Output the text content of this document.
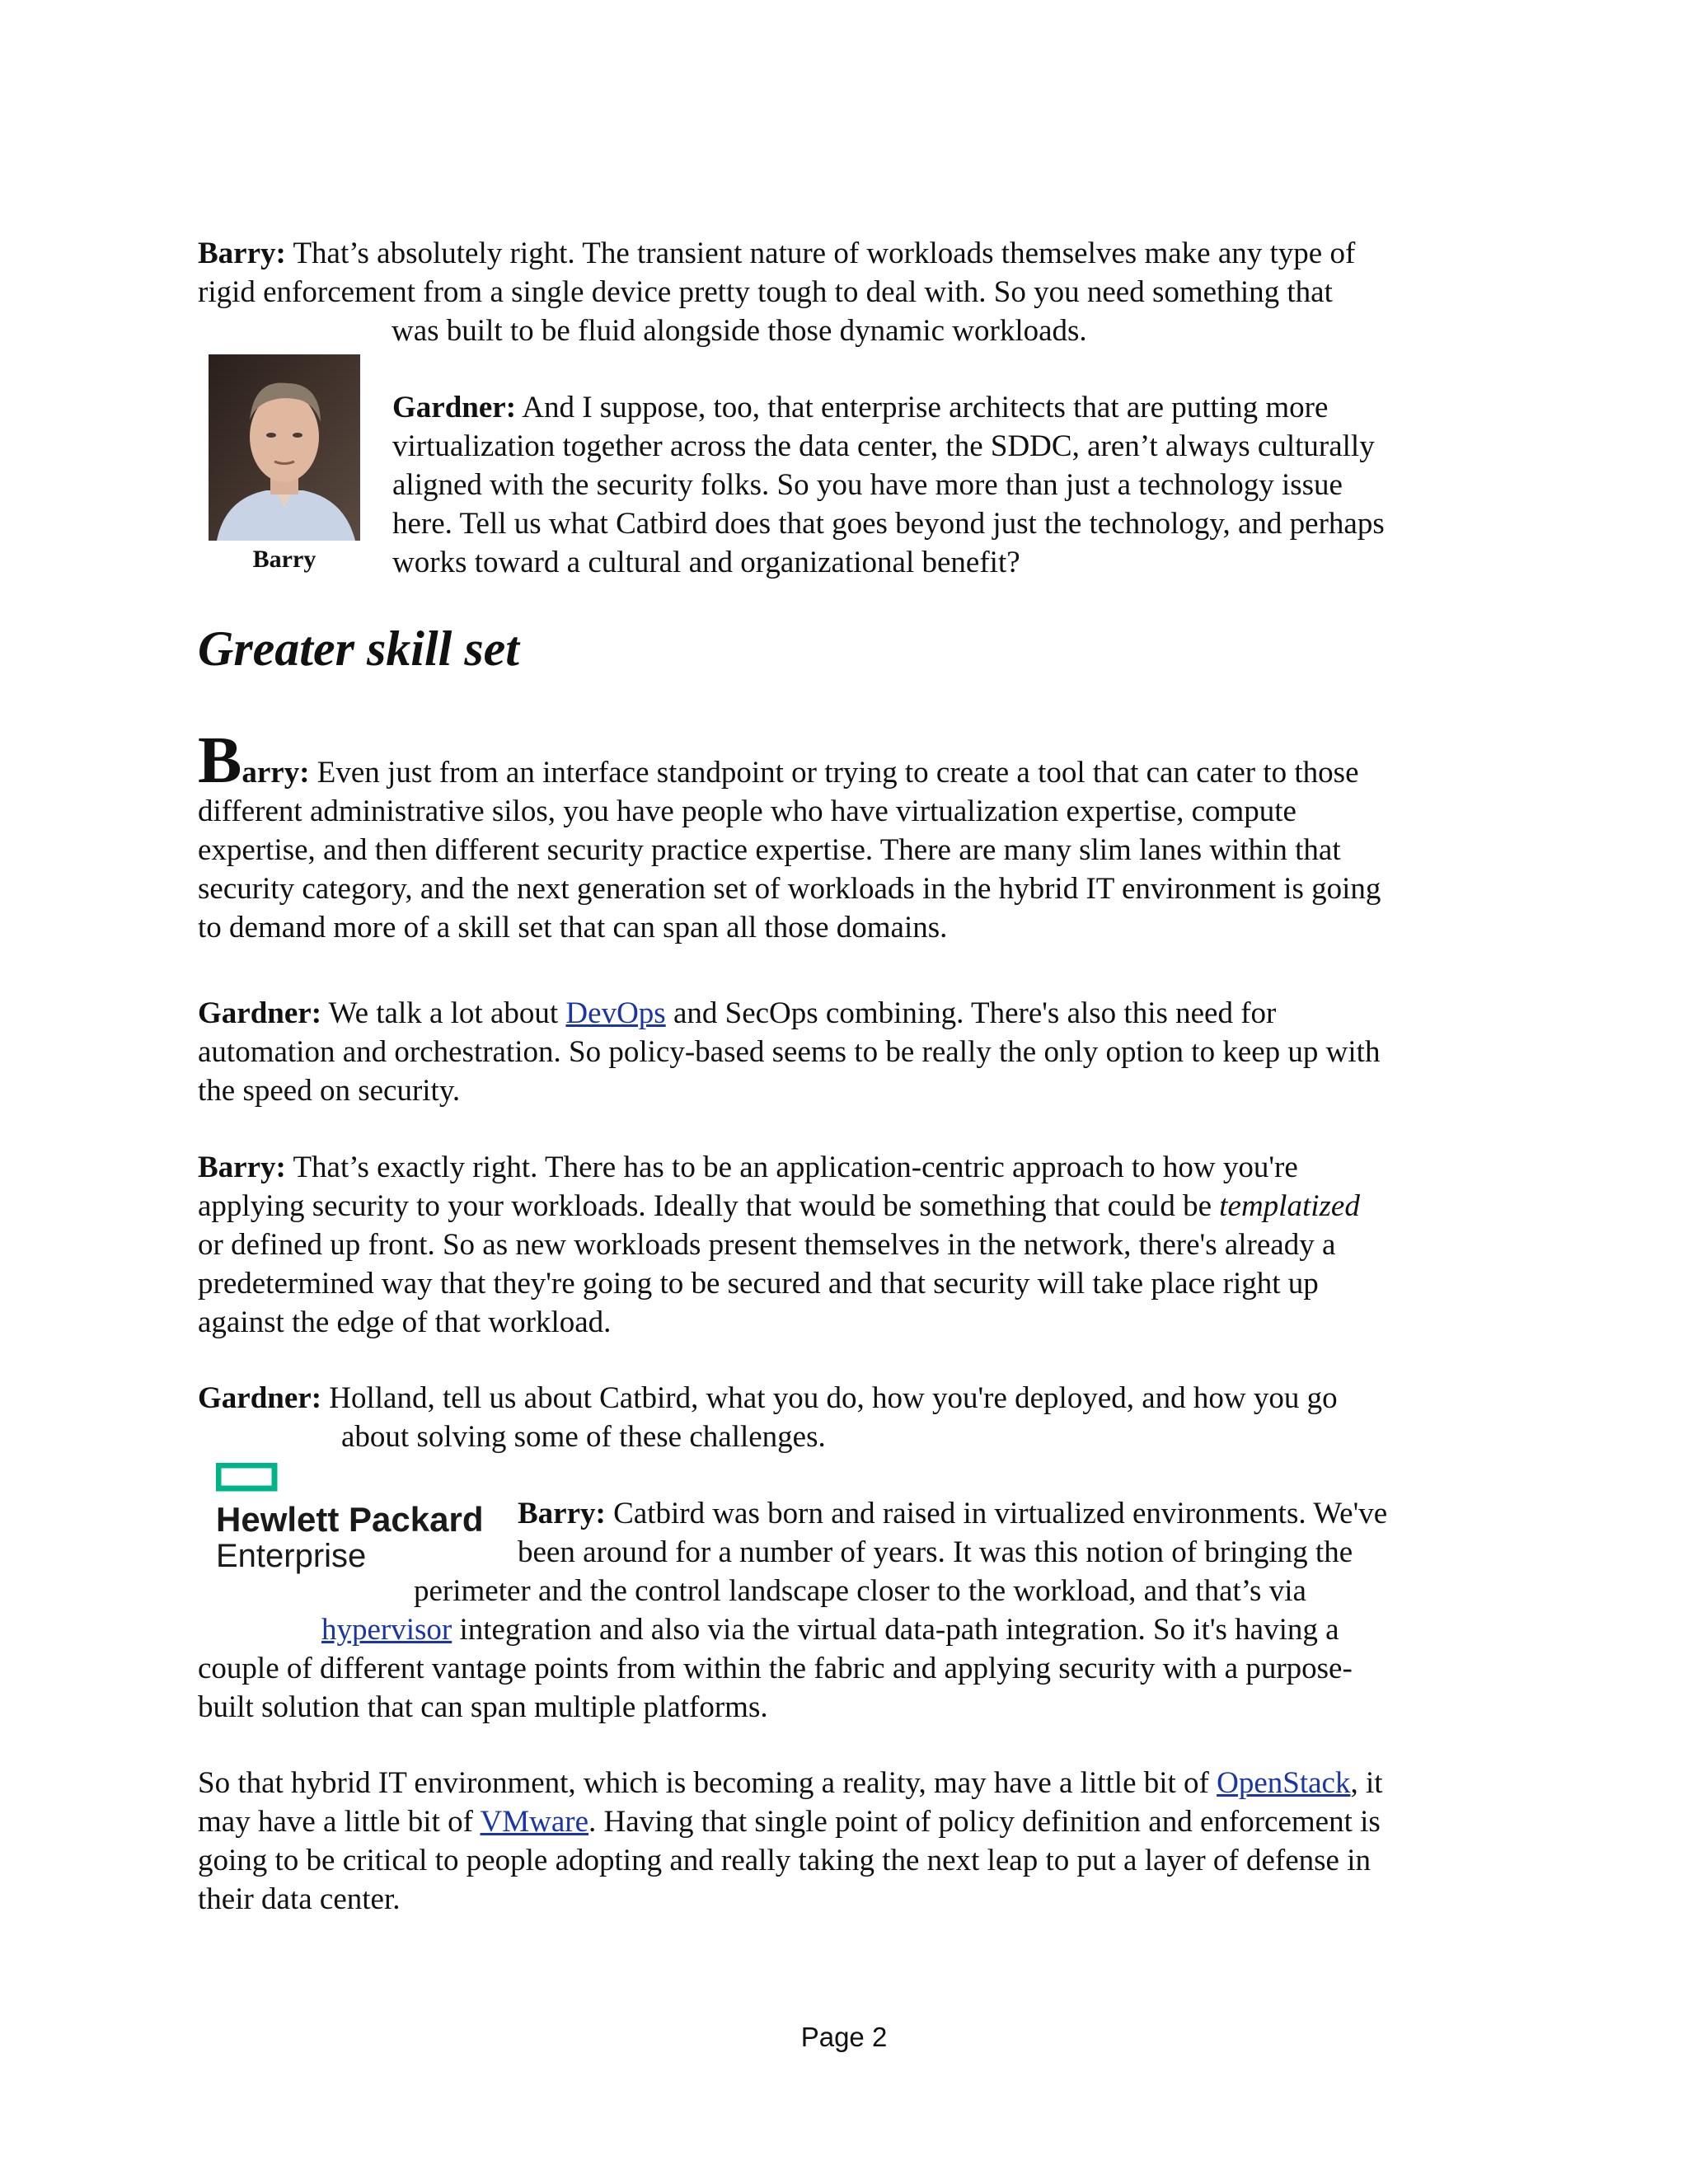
Barry: That’s absolutely right. The transient nature of workloads themselves make any type of
rigid enforcement from a single device pretty tough to deal with. So you need something that
was built to be fluid alongside those dynamic workloads.
Barry
Gardner: And I suppose, too, that enterprise architects that are putting more
virtualization together across the data center, the SDDC, aren’t always culturally
aligned with the security folks. So you have more than just a technology issue
here. Tell us what Catbird does that goes beyond just the technology, and perhaps
works toward a cultural and organizational benefit?
Greater skill set
Barry: Even just from an interface standpoint or trying to create a tool that can cater to those
different administrative silos, you have people who have virtualization expertise, compute
expertise, and then different security practice expertise. There are many slim lanes within that
security category, and the next generation set of workloads in the hybrid IT environment is going
to demand more of a skill set that can span all those domains.
Gardner: We talk a lot about DevOps and SecOps combining. There's also this need for
automation and orchestration. So policy-based seems to be really the only option to keep up with
the speed on security.
Barry: That’s exactly right. There has to be an application-centric approach to how you're
applying security to your workloads. Ideally that would be something that could be templatized
or defined up front. So as new workloads present themselves in the network, there's already a
predetermined way that they're going to be secured and that security will take place right up
against the edge of that workload.
Gardner: Holland, tell us about Catbird, what you do, how you're deployed, and how you go
about solving some of these challenges.
Hewlett Packard
Enterprise
Barry: Catbird was born and raised in virtualized environments. We've
been around for a number of years. It was this notion of bringing the
perimeter and the control landscape closer to the workload, and that’s via
hypervisor integration and also via the virtual data-path integration. So it's having a
couple of different vantage points from within the fabric and applying security with a purpose-
built solution that can span multiple platforms.
So that hybrid IT environment, which is becoming a reality, may have a little bit of OpenStack, it
may have a little bit of VMware. Having that single point of policy definition and enforcement is
going to be critical to people adopting and really taking the next leap to put a layer of defense in
their data center.
Page 2
